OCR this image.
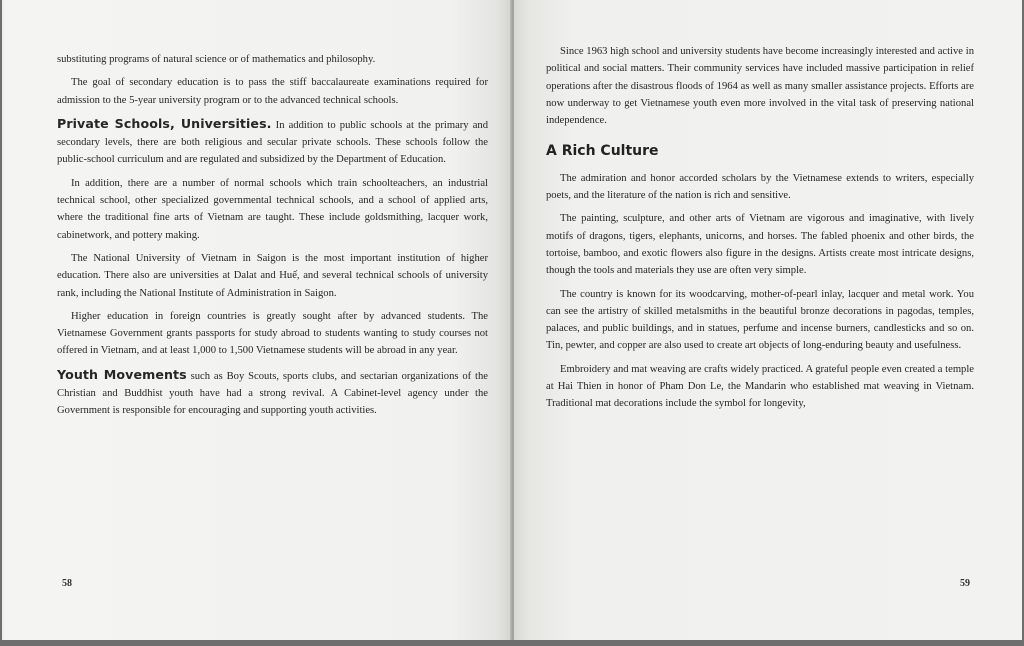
substituting programs of natural science or of mathematics and philosophy.

The goal of secondary education is to pass the stiff baccalaureate examinations required for admission to the 5-year university program or to the advanced technical schools.

Private Schools, Universities. In addition to public schools at the primary and secondary levels, there are both religious and secular private schools. These schools follow the public-school curriculum and are regulated and subsidized by the Department of Education.

In addition, there are a number of normal schools which train schoolteachers, an industrial technical school, other specialized governmental technical schools, and a school of applied arts, where the traditional fine arts of Vietnam are taught. These include goldsmithing, lacquer work, cabinetwork, and pottery making.

The National University of Vietnam in Saigon is the most important institution of higher education. There also are universities at Dalat and Huế, and several technical schools of university rank, including the National Institute of Administration in Saigon.

Higher education in foreign countries is greatly sought after by advanced students. The Vietnamese Government grants passports for study abroad to students wanting to study courses not offered in Vietnam, and at least 1,000 to 1,500 Vietnamese students will be abroad in any year.

Youth Movements such as Boy Scouts, sports clubs, and sectarian organizations of the Christian and Buddhist youth have had a strong revival. A Cabinet-level agency under the Government is responsible for encouraging and supporting youth activities.

58

Since 1963 high school and university students have become increasingly interested and active in political and social matters. Their community services have included massive participation in relief operations after the disastrous floods of 1964 as well as many smaller assistance projects. Efforts are now underway to get Vietnamese youth even more involved in the vital task of preserving national independence.

A Rich Culture

The admiration and honor accorded scholars by the Vietnamese extends to writers, especially poets, and the literature of the nation is rich and sensitive.

The painting, sculpture, and other arts of Vietnam are vigorous and imaginative, with lively motifs of dragons, tigers, elephants, unicorns, and horses. The fabled phoenix and other birds, the tortoise, bamboo, and exotic flowers also figure in the designs. Artists create most intricate designs, though the tools and materials they use are often very simple.

The country is known for its woodcarving, mother-of-pearl inlay, lacquer and metal work. You can see the artistry of skilled metalsmiths in the beautiful bronze decorations in pagodas, temples, palaces, and public buildings, and in statues, perfume and incense burners, candlesticks and so on. Tin, pewter, and copper are also used to create art objects of long-enduring beauty and usefulness.

Embroidery and mat weaving are crafts widely practiced. A grateful people even created a temple at Hai Thien in honor of Pham Don Le, the Mandarin who established mat weaving in Vietnam. Traditional mat decorations include the symbol for longevity,

59
